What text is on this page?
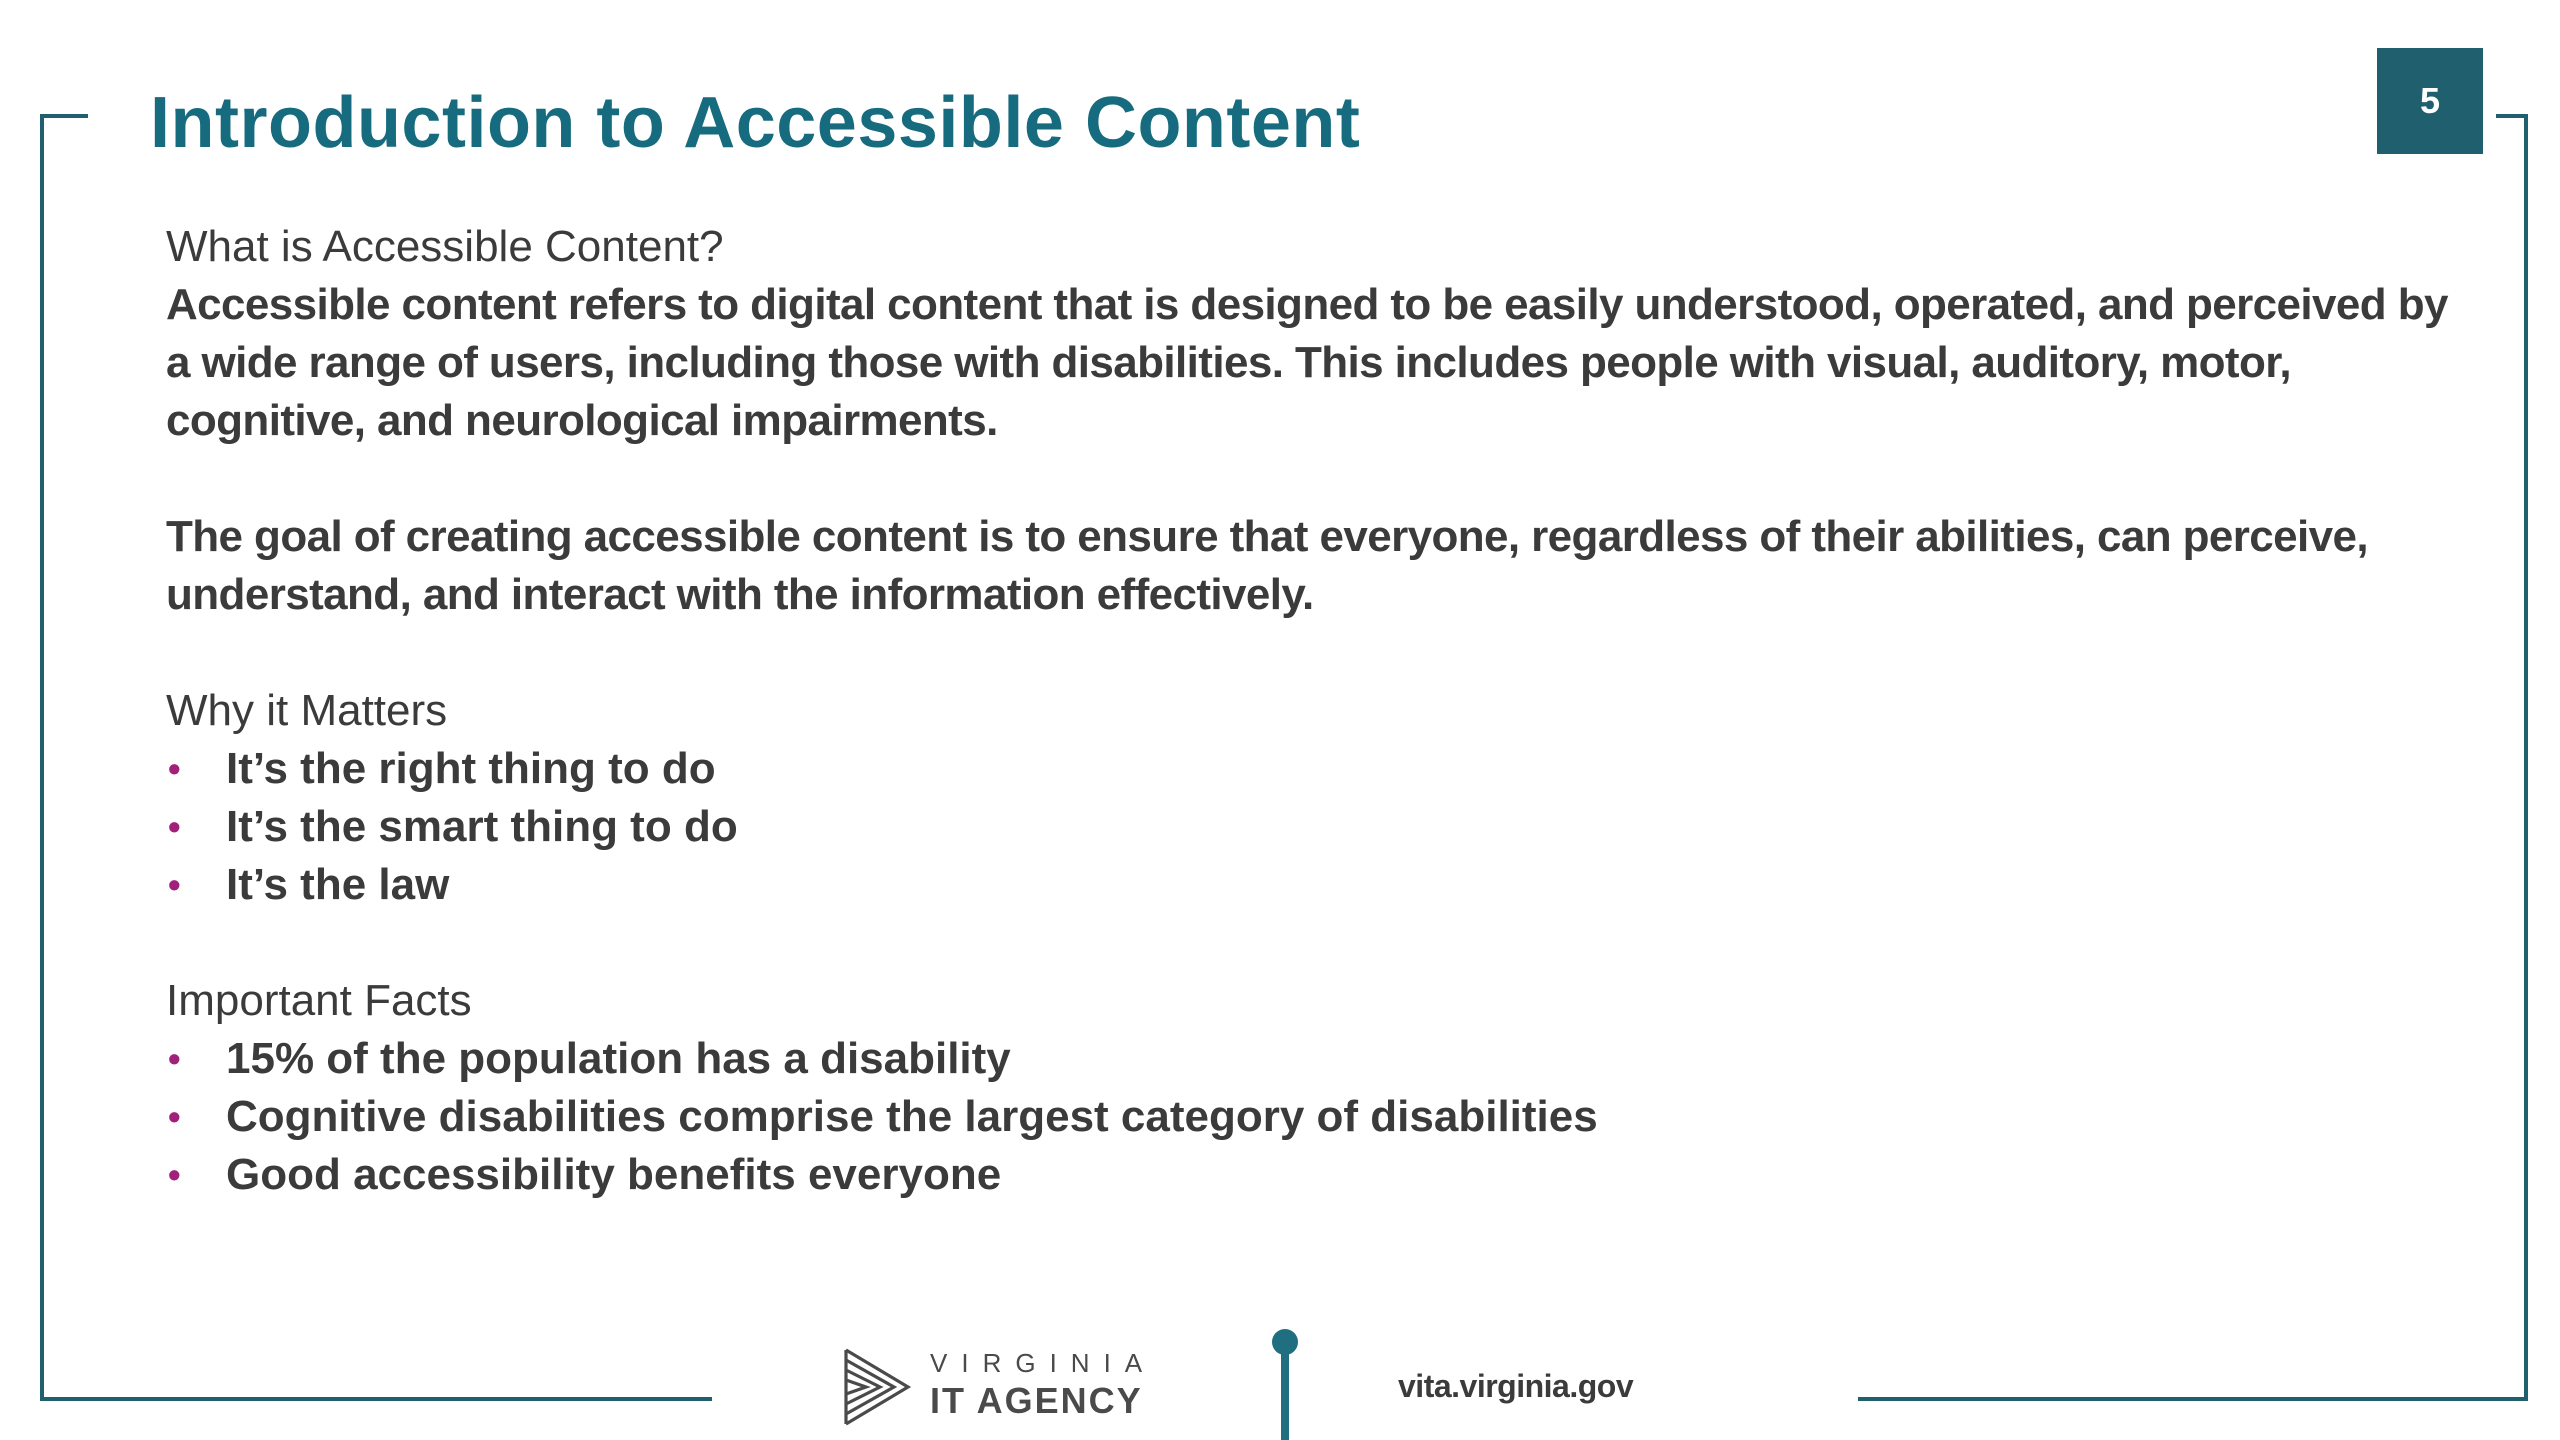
Introduction to Accessible Content	5
What is Accessible Content?

Accessible content refers to digital content that is designed to be easily understood, operated, and perceived by a wide range of users, including those with disabilities. This includes people with visual, auditory, motor, cognitive, and neurological impairments.

The goal of creating accessible content is to ensure that everyone, regardless of their abilities, can perceive, understand, and interact with the information effectively.

Why it Matters
• It’s the right thing to do
• It’s the smart thing to do
• It’s the law
Important Facts
• 15% of the population has a disability
• Cognitive disabilities comprise the largest category of disabilities
• Good accessibility benefits everyone
VIRGINIA
IT AGENCY	vita.virginia.gov
